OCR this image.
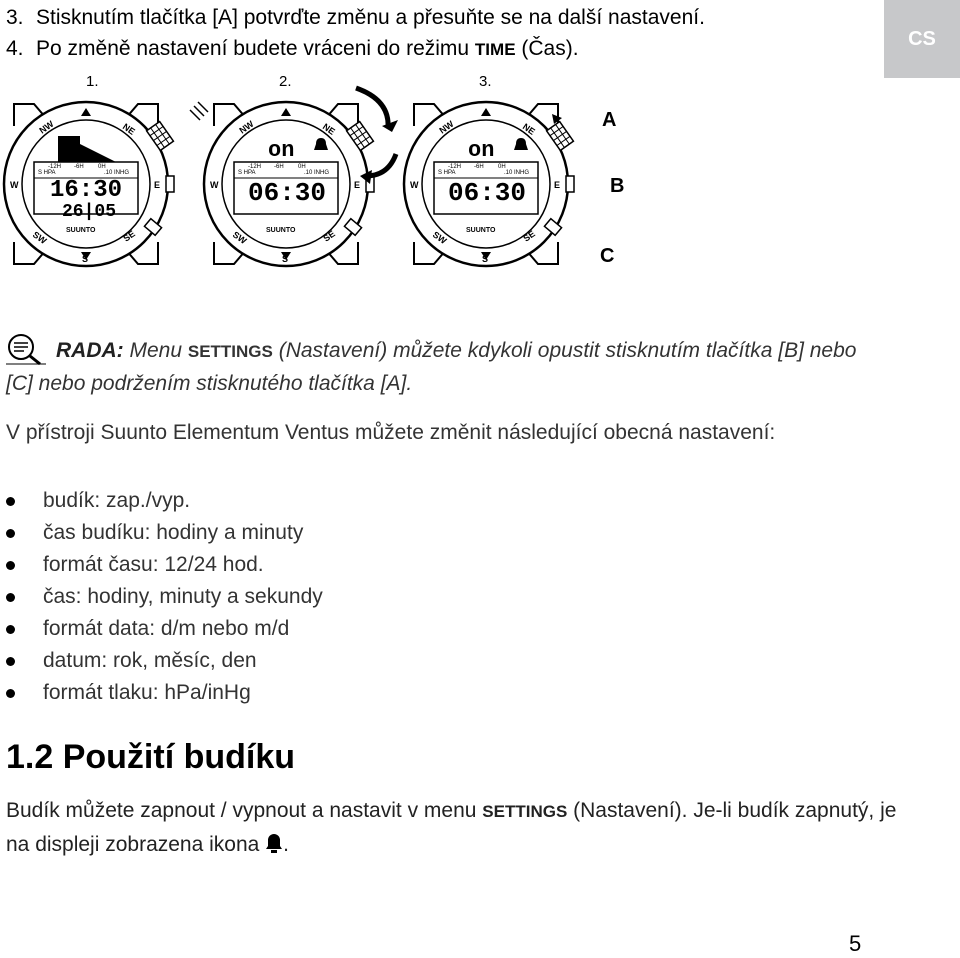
CS
3. Stisknutím tlačítka [A] potvrďte změnu a přesuňte se na další nastavení.
4. Po změně nastavení budete vráceni do režimu TIME (Čas).
1.	2.	3.
NW	NE
W	E
SW	SE
S
S HPA	.10 INHG
-12H -6H 0H
16:30
26|05
SUUNTO
NW	NE
W	E
SW	SE
S
on
S HPA	.10 INHG
-12H -6H 0H
06:30
SUUNTO
NW	NE
W	E
SW	SE
S
on
S HPA	.10 INHG
-12H -6H 0H
06:30
SUUNTO
A
B
C
RADA: Menu SETTINGS (Nastavení) můžete kdykoli opustit stisknutím tlačítka [B] nebo [C] nebo podržením stisknutého tlačítka [A].
V přístroji Suunto Elementum Ventus můžete změnit následující obecná nastavení:
budík: zap./vyp.
čas budíku: hodiny a minuty
formát času: 12/24 hod.
čas: hodiny, minuty a sekundy
formát data: d/m nebo m/d
datum: rok, měsíc, den
formát tlaku: hPa/inHg
1.2 Použití budíku
Budík můžete zapnout / vypnout a nastavit v menu SETTINGS (Nastavení). Je-li budík zapnutý, je na displeji zobrazena ikona .
5
